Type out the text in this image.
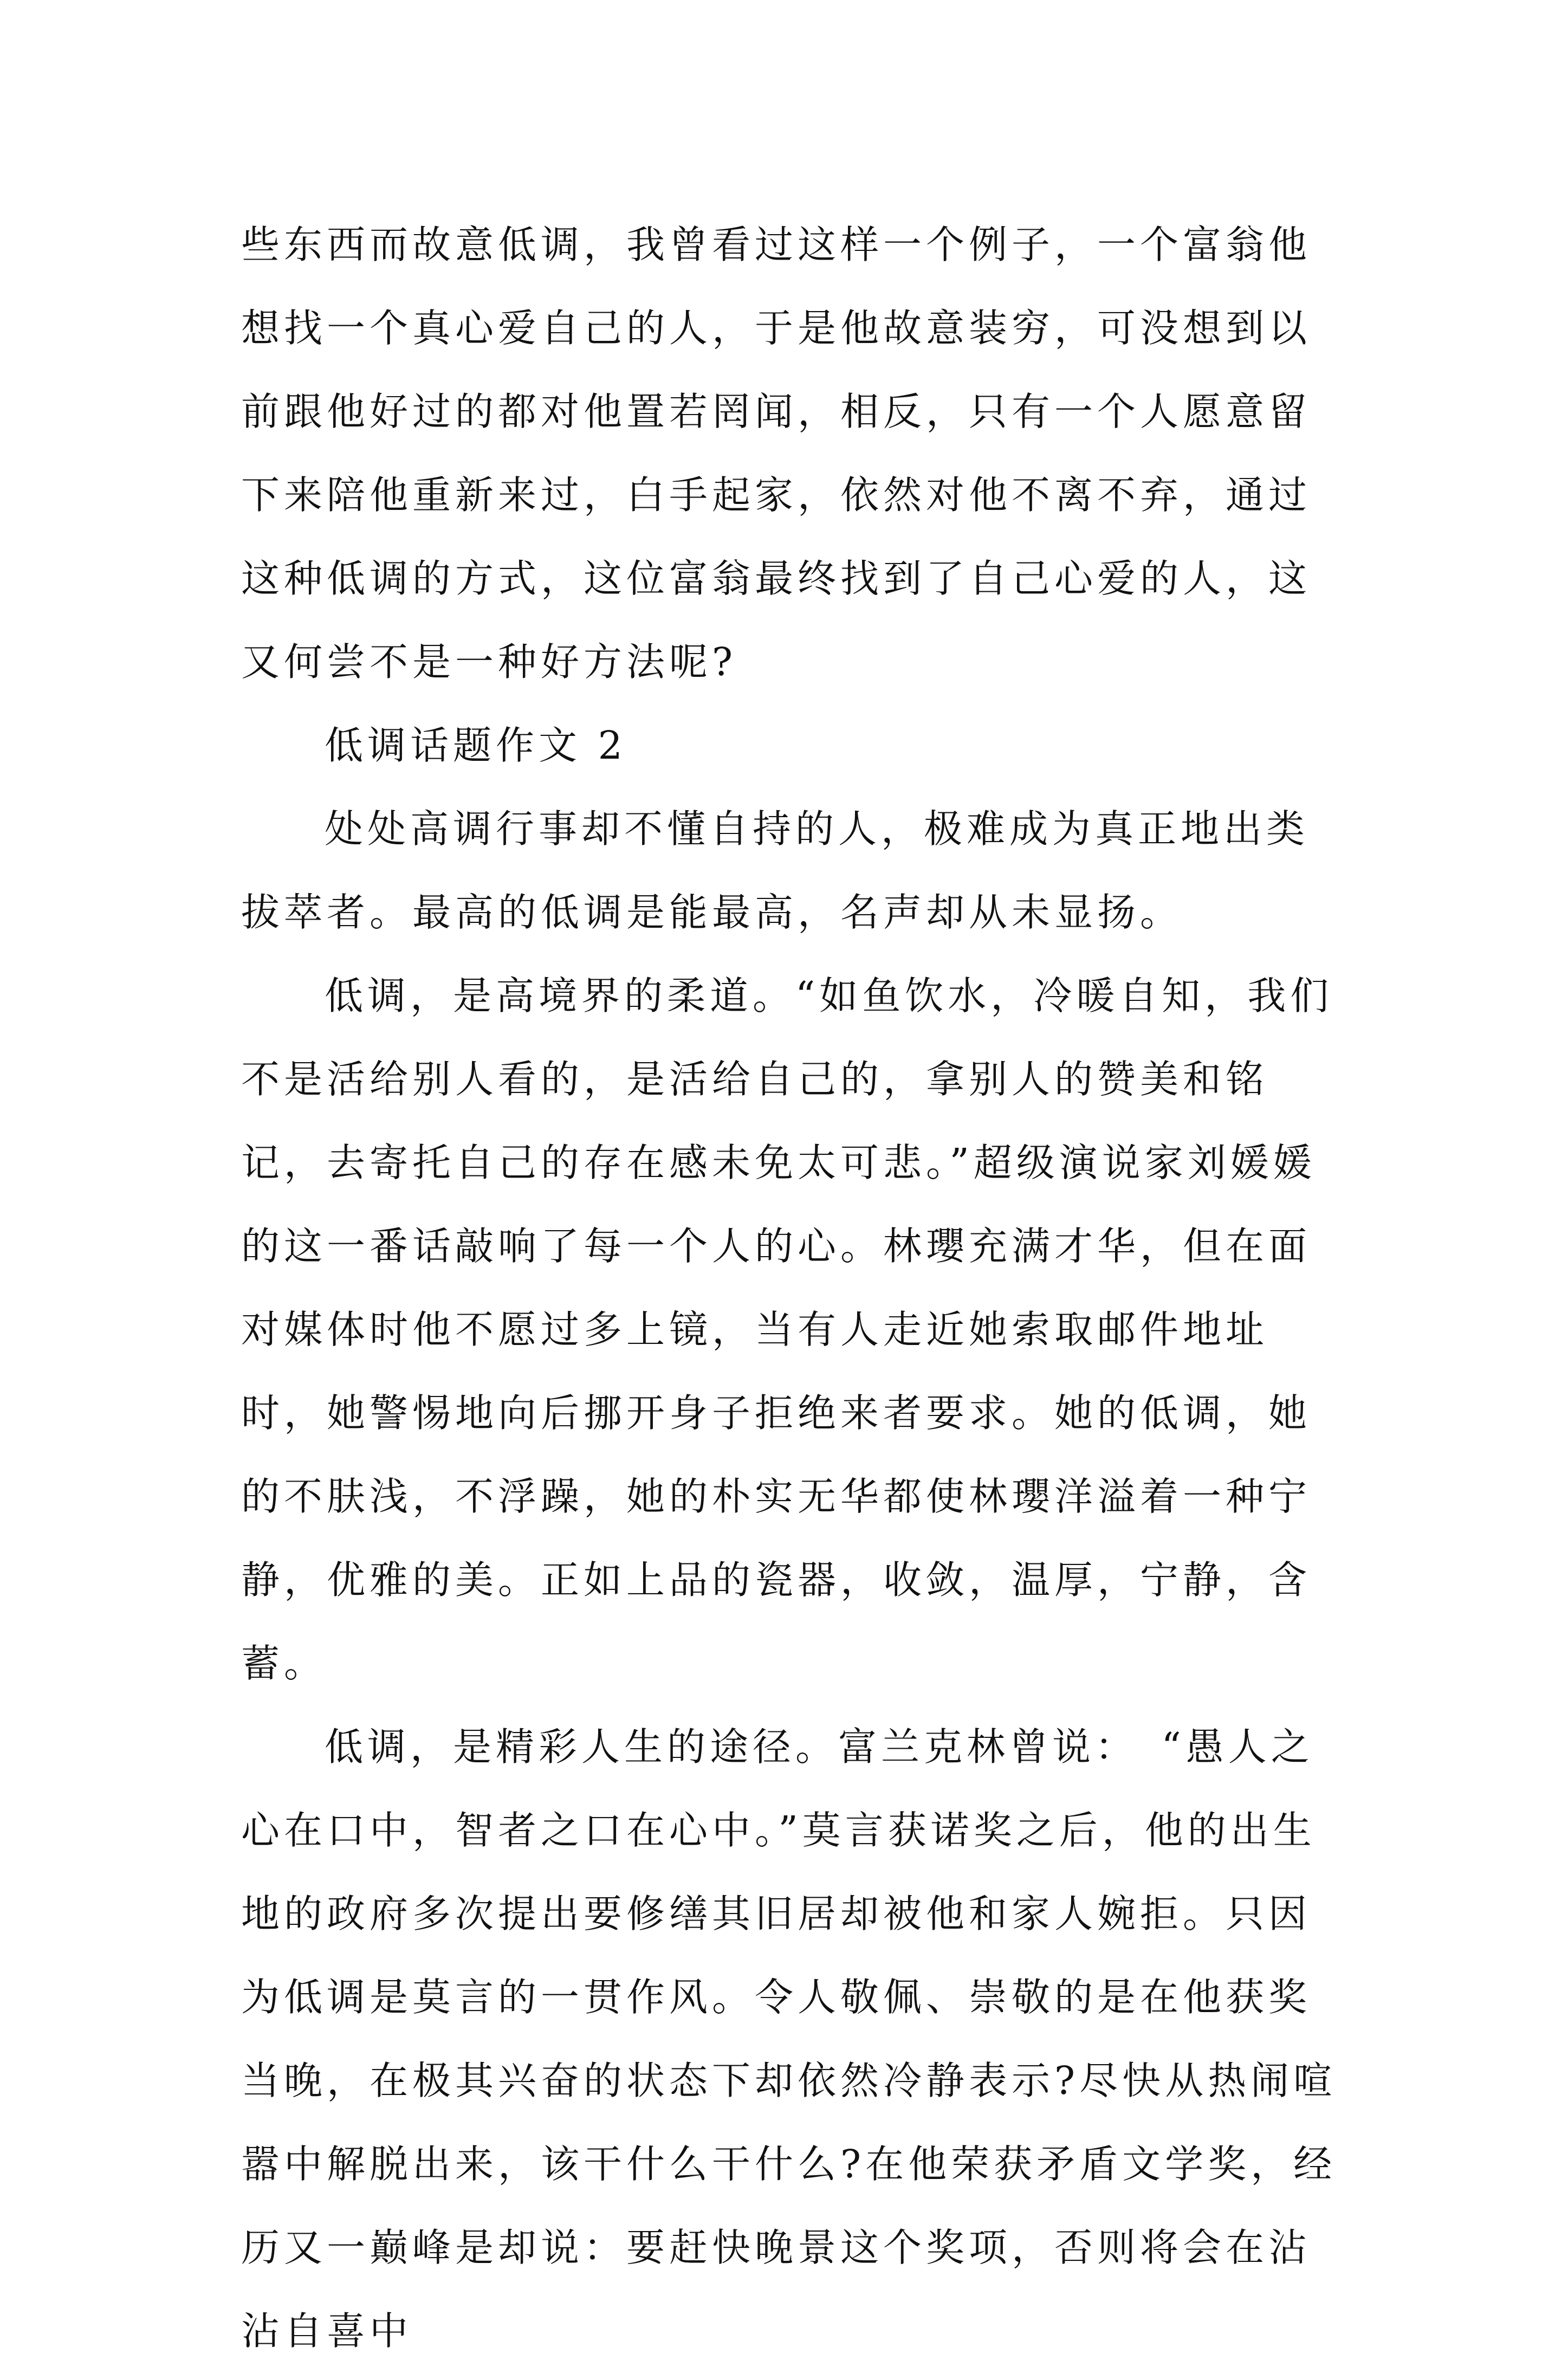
些东西而故意低调，我曾看过这样一个例子，一个富翁他想找一个真心爱自己的人，于是他故意装穷，可没想到以前跟他好过的都对他置若罔闻，相反，只有一个人愿意留下来陪他重新来过，白手起家，依然对他不离不弃，通过这种低调的方式，这位富翁最终找到了自己心爱的人，这又何尝不是一种好方法呢?

低调话题作文 2

处处高调行事却不懂自持的人，极难成为真正地出类拔萃者。最高的低调是能最高，名声却从未显扬。

低调，是高境界的柔道。“如鱼饮水，冷暖自知，我们不是活给别人看的，是活给自己的，拿别人的赞美和铭记，去寄托自己的存在感未免太可悲。”超级演说家刘媛媛的这一番话敲响了每一个人的心。林瓔充满才华，但在面对媒体时他不愿过多上镜，当有人走近她索取邮件地址时，她警惕地向后挪开身子拒绝来者要求。她的低调，她的不肤浅，不浮躁，她的朴实无华都使林瓔洋溢着一种宁静，优雅的美。正如上品的瓷器，收敛，温厚，宁静，含蓄。

低调，是精彩人生的途径。富兰克林曾说：　“愚人之心在口中，智者之口在心中。”莫言获诺奖之后，他的出生地的政府多次提出要修缮其旧居却被他和家人婉拒。只因为低调是莫言的一贯作风。令人敬佩、崇敬的是在他获奖当晚，在极其兴奋的状态下却依然冷静表示?尽快从热闹喧嚣中解脱出来，该干什么干什么?在他荣获矛盾文学奖，经历又一巅峰是却说：要赶快晚景这个奖项，否则将会在沾沾自喜中
